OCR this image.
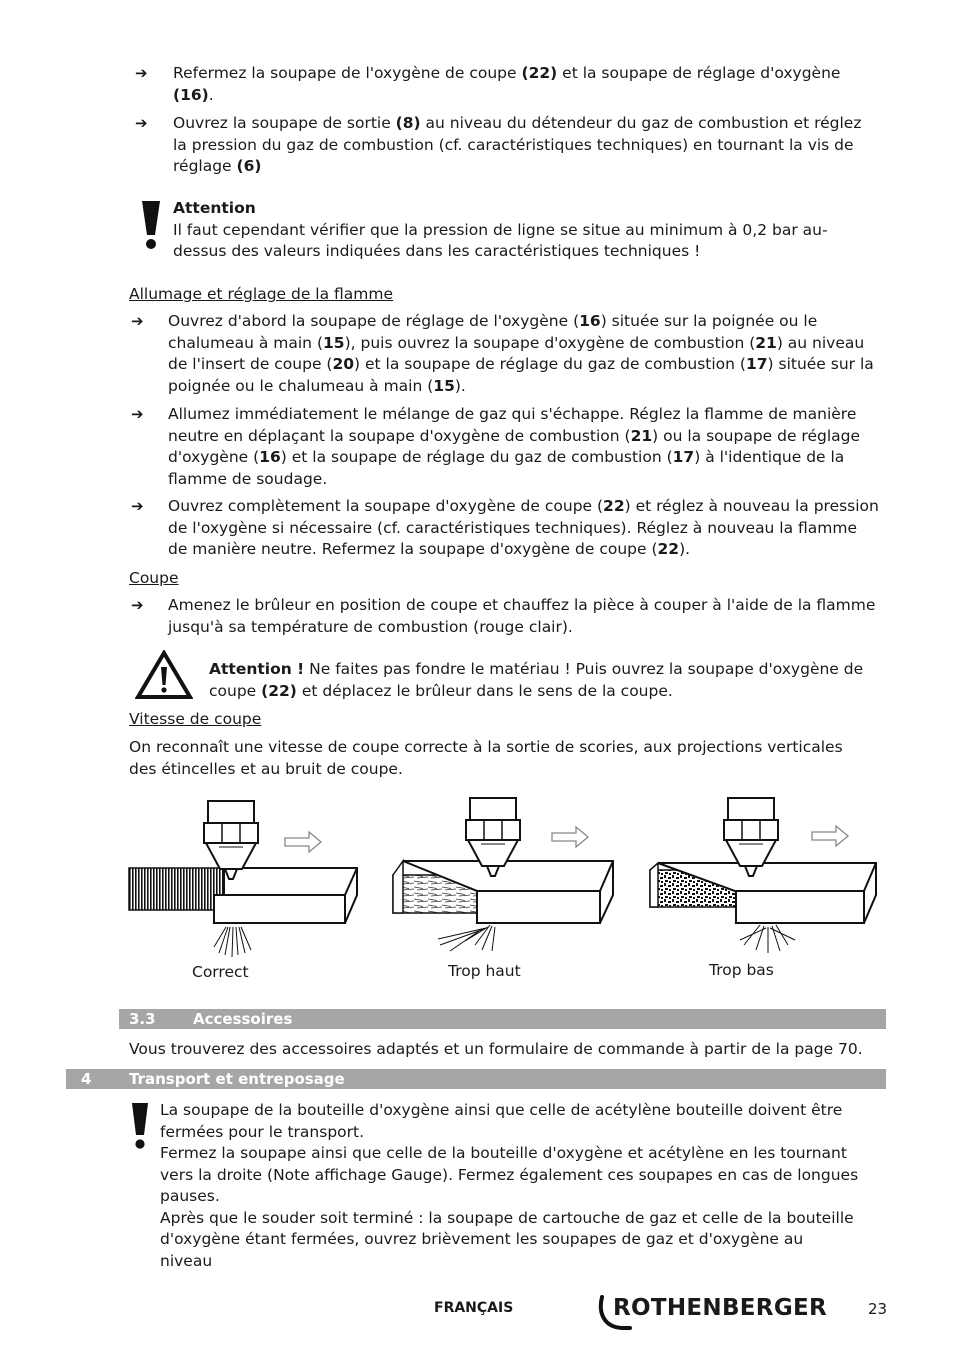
➔ Refermez la soupape de l'oxygène de coupe (22) et la soupape de réglage d'oxygène (16).
➔ Ouvrez la soupape de sortie (8) au niveau du détendeur du gaz de combustion et réglez la pression du gaz de combustion (cf. caractéristiques techniques) en tournant la vis de réglage (6)
Attention
Il faut cependant vérifier que la pression de ligne se situe au minimum à 0,2 bar au-dessus des valeurs indiquées dans les caractéristiques techniques !
Allumage et réglage de la flamme
➔ Ouvrez d'abord la soupape de réglage de l'oxygène (16) située sur la poignée ou le chalumeau à main (15), puis ouvrez la soupape d'oxygène de combustion (21) au niveau de l'insert de coupe (20) et la soupape de réglage du gaz de combustion (17) située sur la poignée ou le chalumeau à main (15).
➔ Allumez immédiatement le mélange de gaz qui s'échappe. Réglez la flamme de manière neutre en déplaçant la soupape d'oxygène de combustion (21) ou la soupape de réglage d'oxygène (16) et la soupape de réglage du gaz de combustion (17) à l'identique de la flamme de soudage.
➔ Ouvrez complètement la soupape d'oxygène de coupe (22) et réglez à nouveau la pression de l'oxygène si nécessaire (cf. caractéristiques techniques). Réglez à nouveau la flamme de manière neutre. Refermez la soupape d'oxygène de coupe (22).
Coupe
➔ Amenez le brûleur en position de coupe et chauffez la pièce à couper à l'aide de la flamme jusqu'à sa température de combustion (rouge clair).
Attention ! Ne faites pas fondre le matériau ! Puis ouvrez la soupape d'oxygène de coupe (22) et déplacez le brûleur dans le sens de la coupe.
Vitesse de coupe
On reconnaît une vitesse de coupe correcte à la sortie de scories, aux projections verticales des étincelles et au bruit de coupe.
Correct	Trop haut	Trop bas
3.3 Accessoires
Vous trouverez des accessoires adaptés et un formulaire de commande à partir de la page 70.
4	Transport et entreposage
La soupape de la bouteille d'oxygène ainsi que celle de acétylène bouteille doivent être fermées pour le transport.
Fermez la soupape ainsi que celle de la bouteille d'oxygène et acétylène en les tournant vers la droite (Note affichage Gauge). Fermez également ces soupapes en cas de longues pauses.
Après que le souder soit terminé : la soupape de cartouche de gaz et celle de la bouteille d'oxygène étant fermées, ouvrez brièvement les soupapes de gaz et d'oxygène au niveau
FRANÇAIS	ROTHENBERGER	23
